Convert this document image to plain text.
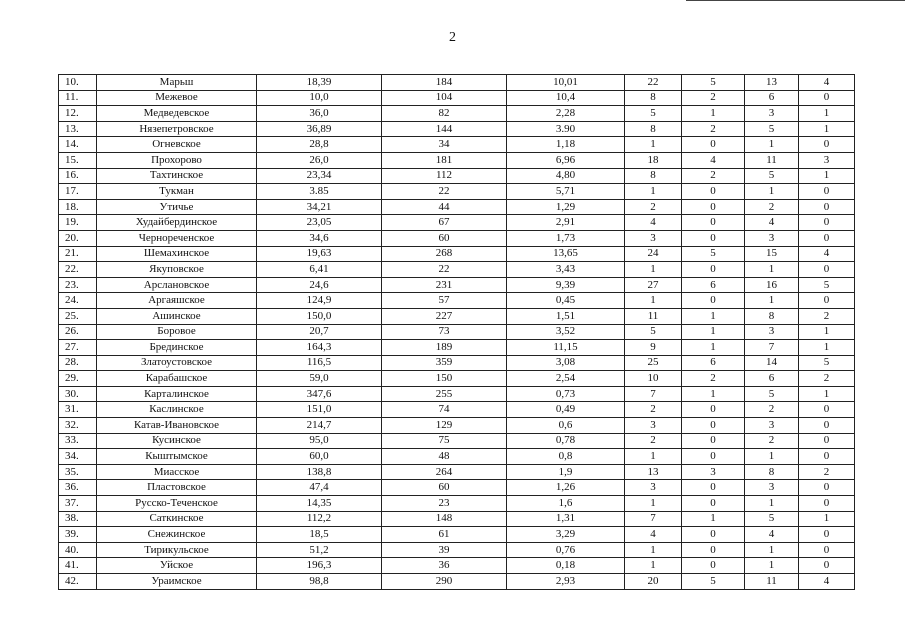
2
10.	Марьш	18,39	184	10,01	22	5	13	4
11.	Межевое	10,0	104	10,4	8	2	6	0
12.	Медведевское	36,0	82	2,28	5	1	3	1
13.	Нязепетровское	36,89	144	3.90	8	2	5	1
14.	Огневское	28,8	34	1,18	1	0	1	0
15.	Прохорово	26,0	181	6,96	18	4	11	3
16.	Тахтинское	23,34	112	4,80	8	2	5	1
17.	Тукман	3.85	22	5,71	1	0	1	0
18.	Утичье	34,21	44	1,29	2	0	2	0
19.	Худайбердинское	23,05	67	2,91	4	0	4	0
20.	Чернореченское	34,6	60	1,73	3	0	3	0
21.	Шемахинское	19,63	268	13,65	24	5	15	4
22.	Якуповское	6,41	22	3,43	1	0	1	0
23.	Арслановское	24,6	231	9,39	27	6	16	5
24.	Аргаяшское	124,9	57	0,45	1	0	1	0
25.	Ашинское	150,0	227	1,51	11	1	8	2
26.	Боровое	20,7	73	3,52	5	1	3	1
27.	Брединское	164,3	189	11,15	9	1	7	1
28.	Златоустовское	116,5	359	3,08	25	6	14	5
29.	Карабашское	59,0	150	2,54	10	2	6	2
30.	Карталинское	347,6	255	0,73	7	1	5	1
31.	Каслинское	151,0	74	0,49	2	0	2	0
32.	Катав-Ивановское	214,7	129	0,6	3	0	3	0
33.	Кусинское	95,0	75	0,78	2	0	2	0
34.	Кыштымское	60,0	48	0,8	1	0	1	0
35.	Миасское	138,8	264	1,9	13	3	8	2
36.	Пластовское	47,4	60	1,26	3	0	3	0
37.	Русско-Теченское	14,35	23	1,6	1	0	1	0
38.	Саткинское	112,2	148	1,31	7	1	5	1
39.	Снежинское	18,5	61	3,29	4	0	4	0
40.	Тирикульское	51,2	39	0,76	1	0	1	0
41.	Уйское	196,3	36	0,18	1	0	1	0
42.	Ураимское	98,8	290	2,93	20	5	11	4
